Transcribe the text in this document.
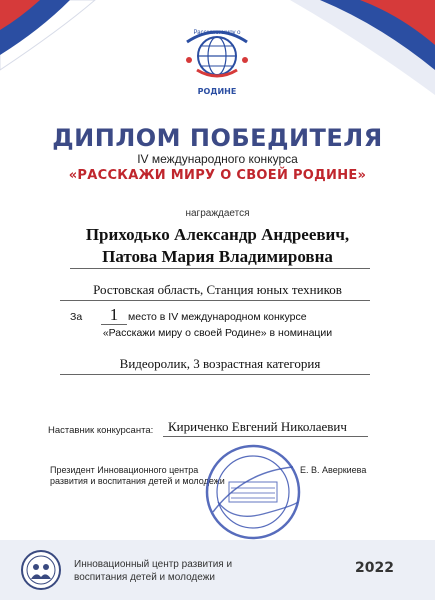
Расскажи миру о
РОДИНЕ
ДИПЛОМ ПОБЕДИТЕЛЯ
IV международного конкурса
«РАССКАЖИ МИРУ О СВОЕЙ РОДИНЕ»
награждается
Приходько Александр Андреевич,
Патова Мария Владимировна
Ростовская область, Станция юных техников
За	место в IV международном конкурсе
1
«Расскажи миру о своей Родине» в номинации
Видеоролик, 3 возрастная категория
Наставник конкурсанта: Кириченко Евгений Николаевич
Президент Инновационного центра развития и воспитания детей и молодежи
Е. В. Аверкиева
Инновационный центр развития и
воспитания детей и молодежи
2022
